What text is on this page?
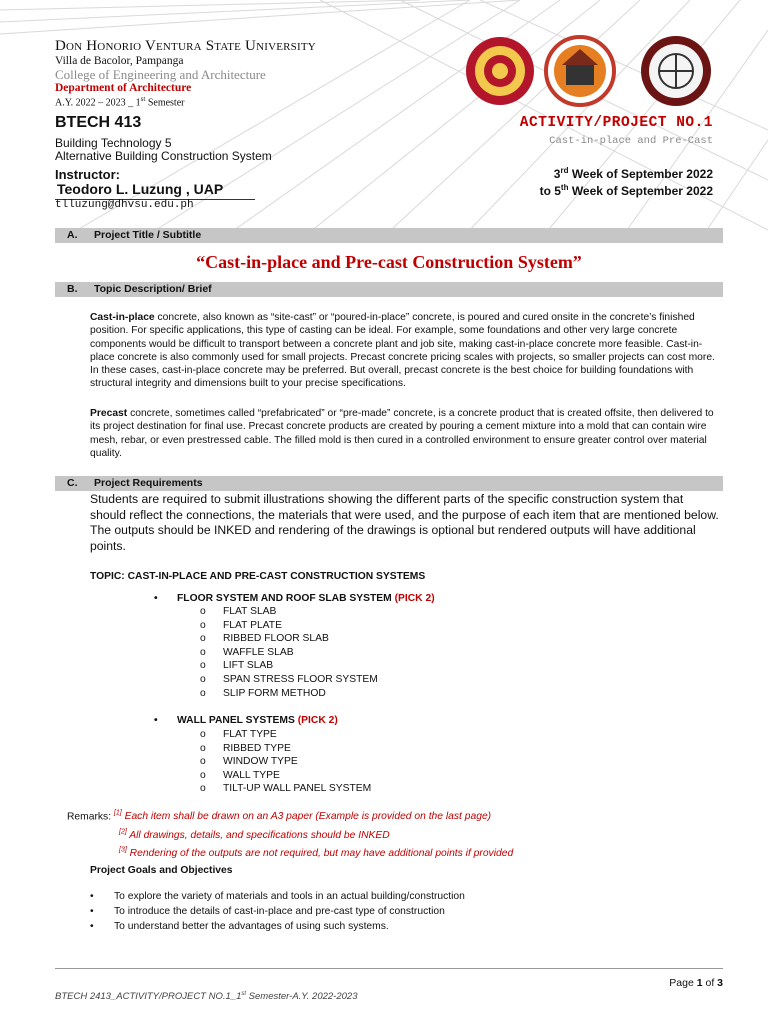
Don Honorio Ventura State University
Villa de Bacolor, Pampanga
College of Engineering and Architecture
Department of Architecture
A.Y. 2022 – 2023 _ 1st Semester
BTECH 413
Building Technology 5
Alternative Building Construction System
Instructor:
Teodoro L. Luzung , UAP
tlluzung@dhvsu.edu.ph
ACTIVITY/PROJECT NO.1
Cast-in-place and Pre-Cast
3rd Week of September 2022
to 5th Week of September 2022
A. Project Title / Subtitle
“Cast-in-place and Pre-cast Construction System”
B. Topic Description/ Brief
Cast-in-place concrete, also known as “site-cast” or “poured-in-place” concrete, is poured and cured onsite in the concrete’s finished position. For specific applications, this type of casting can be ideal. For example, some foundations and other very large concrete components would be difficult to transport between a concrete plant and job site, making cast-in-place concrete more feasible. Cast-in-place concrete is also commonly used for small projects. Precast concrete pricing scales with projects, so smaller projects can cost more. In these cases, cast-in-place concrete may be preferred. But overall, precast concrete is the best choice for building foundations with structural integrity and dimensions built to your precise specifications.
Precast concrete, sometimes called “prefabricated” or “pre-made” concrete, is a concrete product that is created offsite, then delivered to its project destination for final use. Precast concrete products are created by pouring a cement mixture into a mold that can contain wire mesh, rebar, or even prestressed cable. The filled mold is then cured in a controlled environment to ensure greater control over material quality.
C. Project Requirements
Students are required to submit illustrations showing the different parts of the specific construction system that should reflect the connections, the materials that were used, and the purpose of each item that are mentioned below. The outputs should be INKED and rendering of the drawings is optional but rendered outputs will have additional points.
TOPIC: CAST-IN-PLACE AND PRE-CAST CONSTRUCTION SYSTEMS
• FLOOR SYSTEM AND ROOF SLAB SYSTEM (PICK 2)
o FLAT SLAB
o FLAT PLATE
o RIBBED FLOOR SLAB
o WAFFLE SLAB
o LIFT SLAB
o SPAN STRESS FLOOR SYSTEM
o SLIP FORM METHOD
• WALL PANEL SYSTEMS (PICK 2)
o FLAT TYPE
o RIBBED TYPE
o WINDOW TYPE
o WALL TYPE
o TILT-UP WALL PANEL SYSTEM
Remarks: [1] Each item shall be drawn on an A3 paper (Example is provided on the last page)
[2] All drawings, details, and specifications should be INKED
[3] Rendering of the outputs are not required, but may have additional points if provided
Project Goals and Objectives
• To explore the variety of materials and tools in an actual building/construction
• To introduce the details of cast-in-place and pre-cast type of construction
• To understand better the advantages of using such systems.
Page 1 of 3
BTECH 2413_ACTIVITY/PROJECT NO.1_1st Semester-A.Y. 2022-2023
